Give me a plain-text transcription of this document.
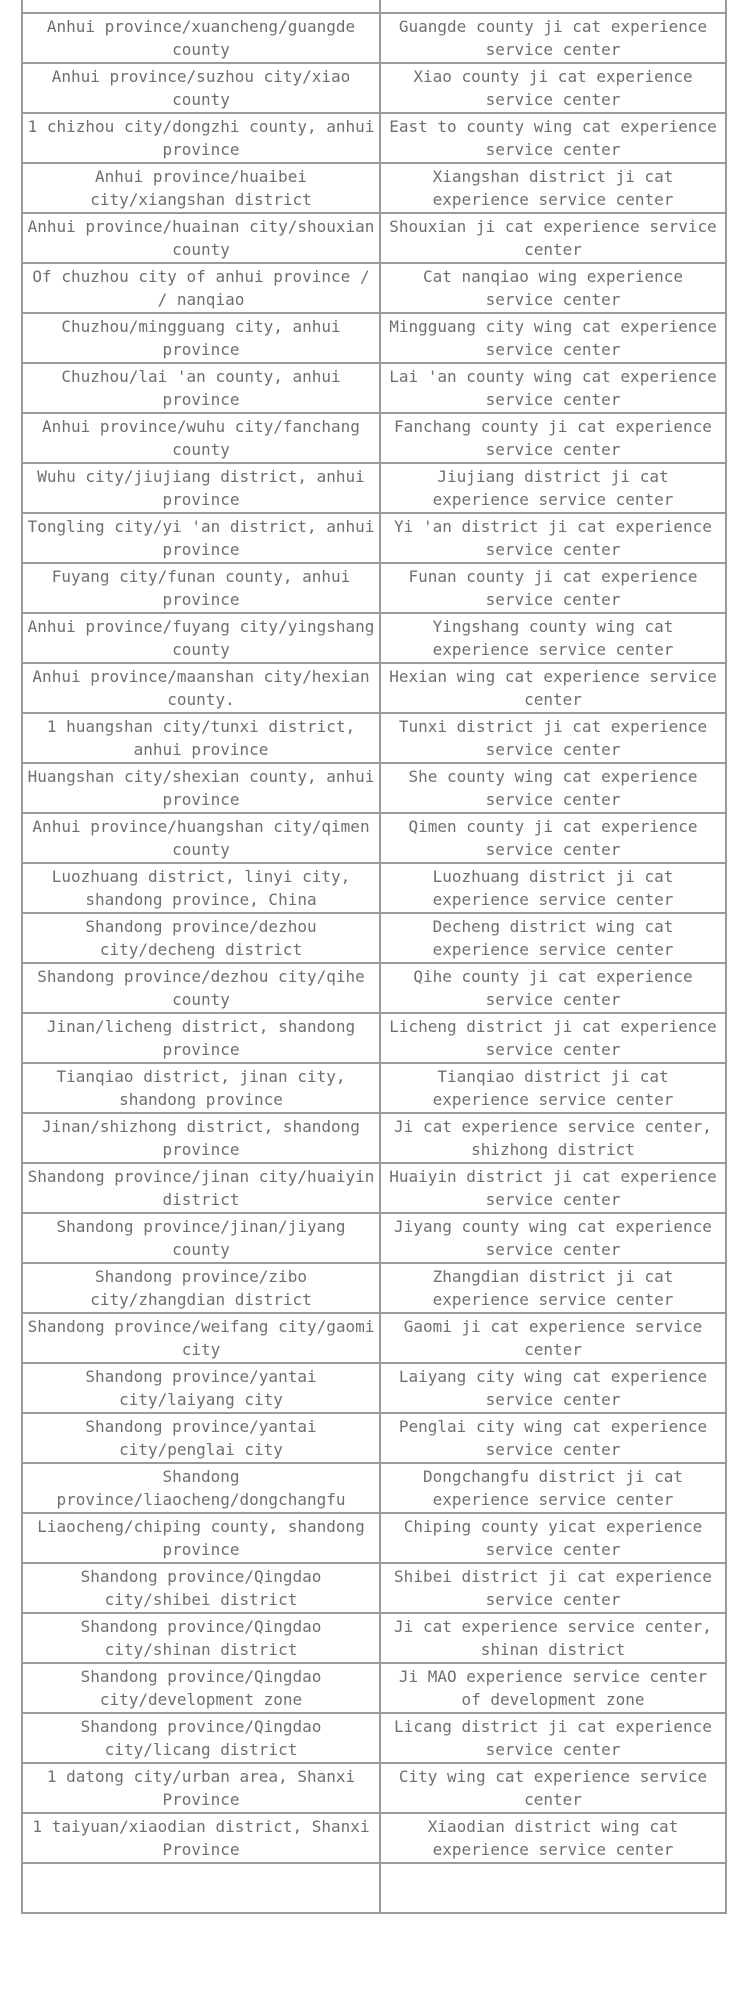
Anhui province/xuancheng/guangde county	Guangde county ji cat experience service center
Anhui province/suzhou city/xiao county	Xiao county ji cat experience service center
1 chizhou city/dongzhi county, anhui province	East to county wing cat experience service center
Anhui province/huaibei city/xiangshan district	Xiangshan district ji cat experience service center
Anhui province/huainan city/shouxian county	Shouxian ji cat experience service center
Of chuzhou city of anhui province / / nanqiao	Cat nanqiao wing experience service center
Chuzhou/mingguang city, anhui province	Mingguang city wing cat experience service center
Chuzhou/lai 'an county, anhui province	Lai 'an county wing cat experience service center
Anhui province/wuhu city/fanchang county	Fanchang county ji cat experience service center
Wuhu city/jiujiang district, anhui province	Jiujiang district ji cat experience service center
Tongling city/yi 'an district, anhui province	Yi 'an district ji cat experience service center
Fuyang city/funan county, anhui province	Funan county ji cat experience service center
Anhui province/fuyang city/yingshang county	Yingshang county wing cat experience service center
Anhui province/maanshan city/hexian county.	Hexian wing cat experience service center
1 huangshan city/tunxi district, anhui province	Tunxi district ji cat experience service center
Huangshan city/shexian county, anhui province	She county wing cat experience service center
Anhui province/huangshan city/qimen county	Qimen county ji cat experience service center
Luozhuang district, linyi city, shandong province, China	Luozhuang district ji cat experience service center
Shandong province/dezhou city/decheng district	Decheng district wing cat experience service center
Shandong province/dezhou city/qihe county	Qihe county ji cat experience service center
Jinan/licheng district, shandong province	Licheng district ji cat experience service center
Tianqiao district, jinan city, shandong province	Tianqiao district ji cat experience service center
Jinan/shizhong district, shandong province	Ji cat experience service center, shizhong district
Shandong province/jinan city/huaiyin district	Huaiyin district ji cat experience service center
Shandong province/jinan/jiyang county	Jiyang county wing cat experience service center
Shandong province/zibo city/zhangdian district	Zhangdian district ji cat experience service center
Shandong province/weifang city/gaomi city	Gaomi ji cat experience service center
Shandong province/yantai city/laiyang city	Laiyang city wing cat experience service center
Shandong province/yantai city/penglai city	Penglai city wing cat experience service center
Shandong province/liaocheng/dongchangfu	Dongchangfu district ji cat experience service center
Liaocheng/chiping county, shandong province	Chiping county yicat experience service center
Shandong province/Qingdao city/shibei district	Shibei district ji cat experience service center
Shandong province/Qingdao city/shinan district	Ji cat experience service center, shinan district
Shandong province/Qingdao city/development zone	Ji MAO experience service center of development zone
Shandong province/Qingdao city/licang district	Licang district ji cat experience service center
1 datong city/urban area, Shanxi Province	City wing cat experience service center
1 taiyuan/xiaodian district, Shanxi Province	Xiaodian district wing cat experience service center
